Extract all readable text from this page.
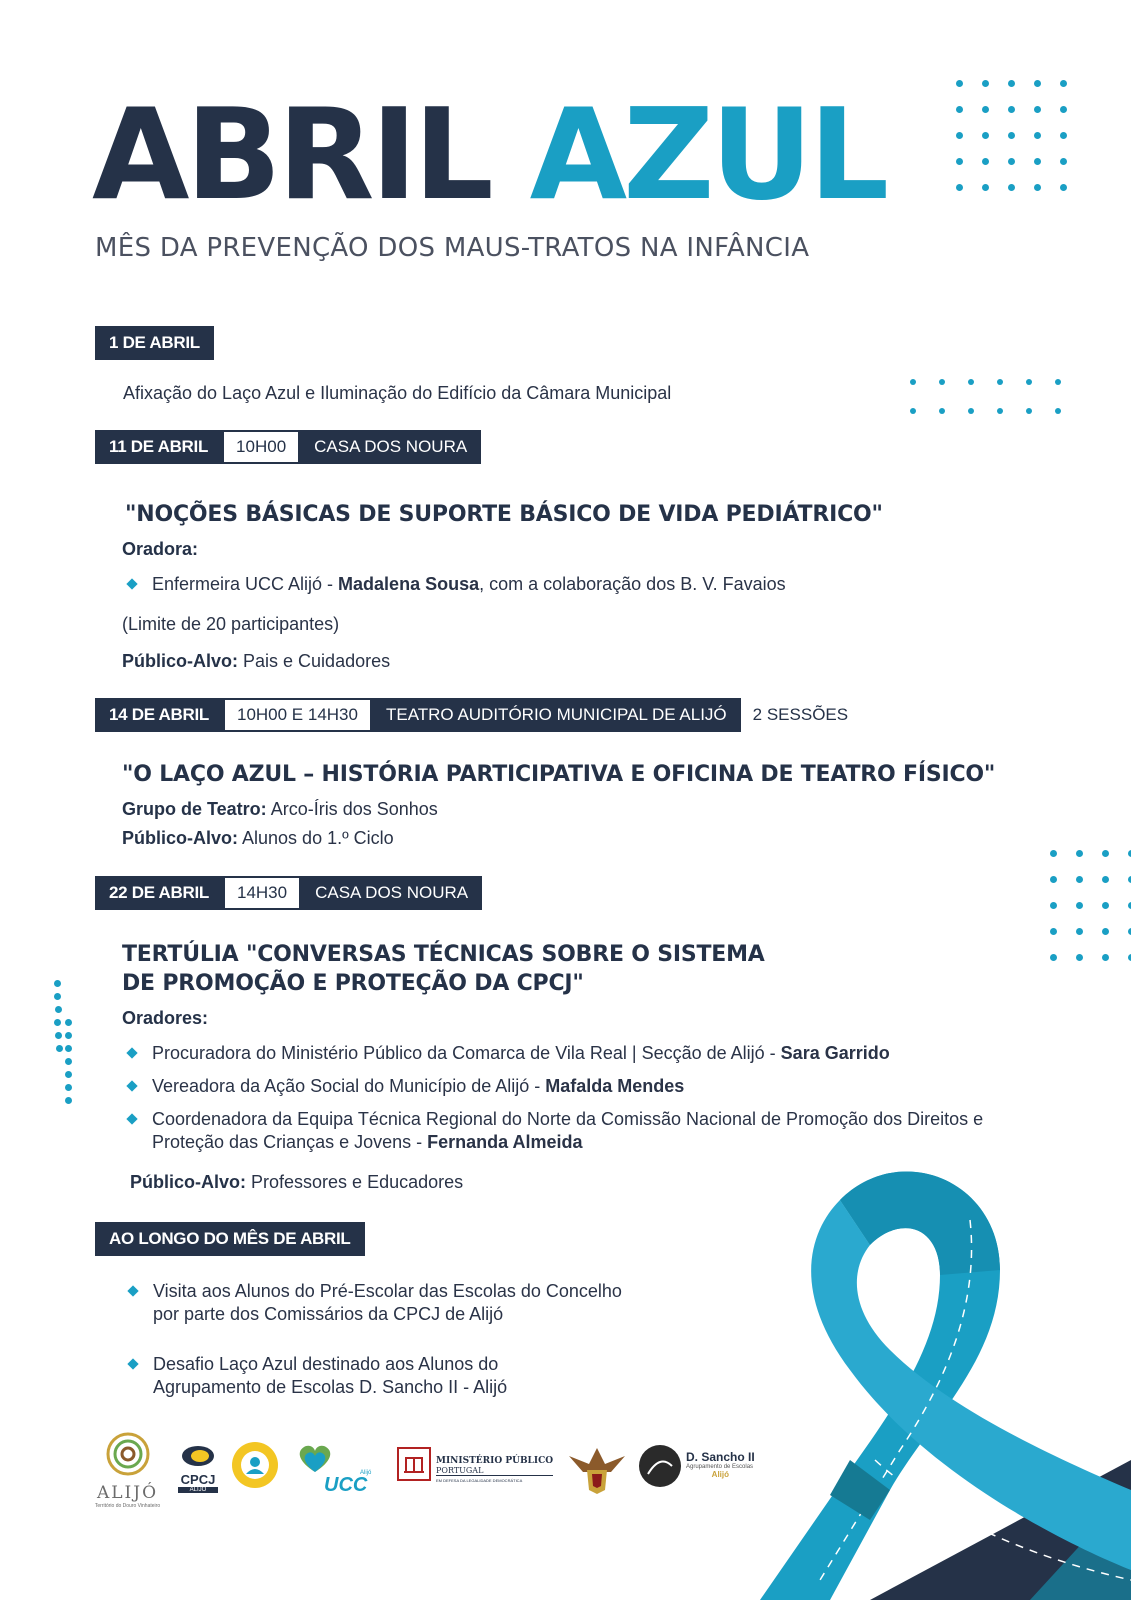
ABRIL AZUL
MÊS DA PREVENÇÃO DOS MAUS-TRATOS NA INFÂNCIA
1 DE ABRIL
Afixação do Laço Azul e Iluminação do Edifício da Câmara Municipal
11 DE ABRIL	10H00	CASA DOS NOURA
"NOÇÕES BÁSICAS DE SUPORTE BÁSICO DE VIDA PEDIÁTRICO"
Oradora:
Enfermeira UCC Alijó - Madalena Sousa, com a colaboração dos B. V. Favaios
(Limite de 20 participantes)
Público-Alvo: Pais e Cuidadores
14 DE ABRIL	10H00 E 14H30	TEATRO AUDITÓRIO MUNICIPAL DE ALIJÓ	2 SESSÕES
"O LAÇO AZUL – HISTÓRIA PARTICIPATIVA E OFICINA DE TEATRO FÍSICO"
Grupo de Teatro: Arco-Íris dos Sonhos
Público-Alvo: Alunos do 1.º Ciclo
22 DE ABRIL	14H30	CASA DOS NOURA
TERTÚLIA "CONVERSAS TÉCNICAS SOBRE O SISTEMA
DE PROMOÇÃO E PROTEÇÃO DA CPCJ"
Oradores:
Procuradora do Ministério Público da Comarca de Vila Real | Secção de Alijó - Sara Garrido
Vereadora da Ação Social do Município de Alijó - Mafalda Mendes
Coordenadora da Equipa Técnica Regional do Norte da Comissão Nacional de Promoção dos Direitos e Proteção das Crianças e Jovens - Fernanda Almeida
Público-Alvo: Professores e Educadores
AO LONGO DO MÊS DE ABRIL
Visita aos Alunos do Pré-Escolar das Escolas do Concelho
por parte dos Comissários da CPCJ de Alijó
Desafio Laço Azul destinado aos Alunos do
Agrupamento de Escolas D. Sancho II - Alijó
ALIJÓ
Território do Douro Vinhateiro
CPCJ
ALIJÓ	UCC
Alijó
MINISTÉRIO PÚBLICO
PORTUGAL
EM DEFESA DA LEGALIDADE DEMOCRÁTICA
D. Sancho II
Agrupamento de Escolas
Alijó
